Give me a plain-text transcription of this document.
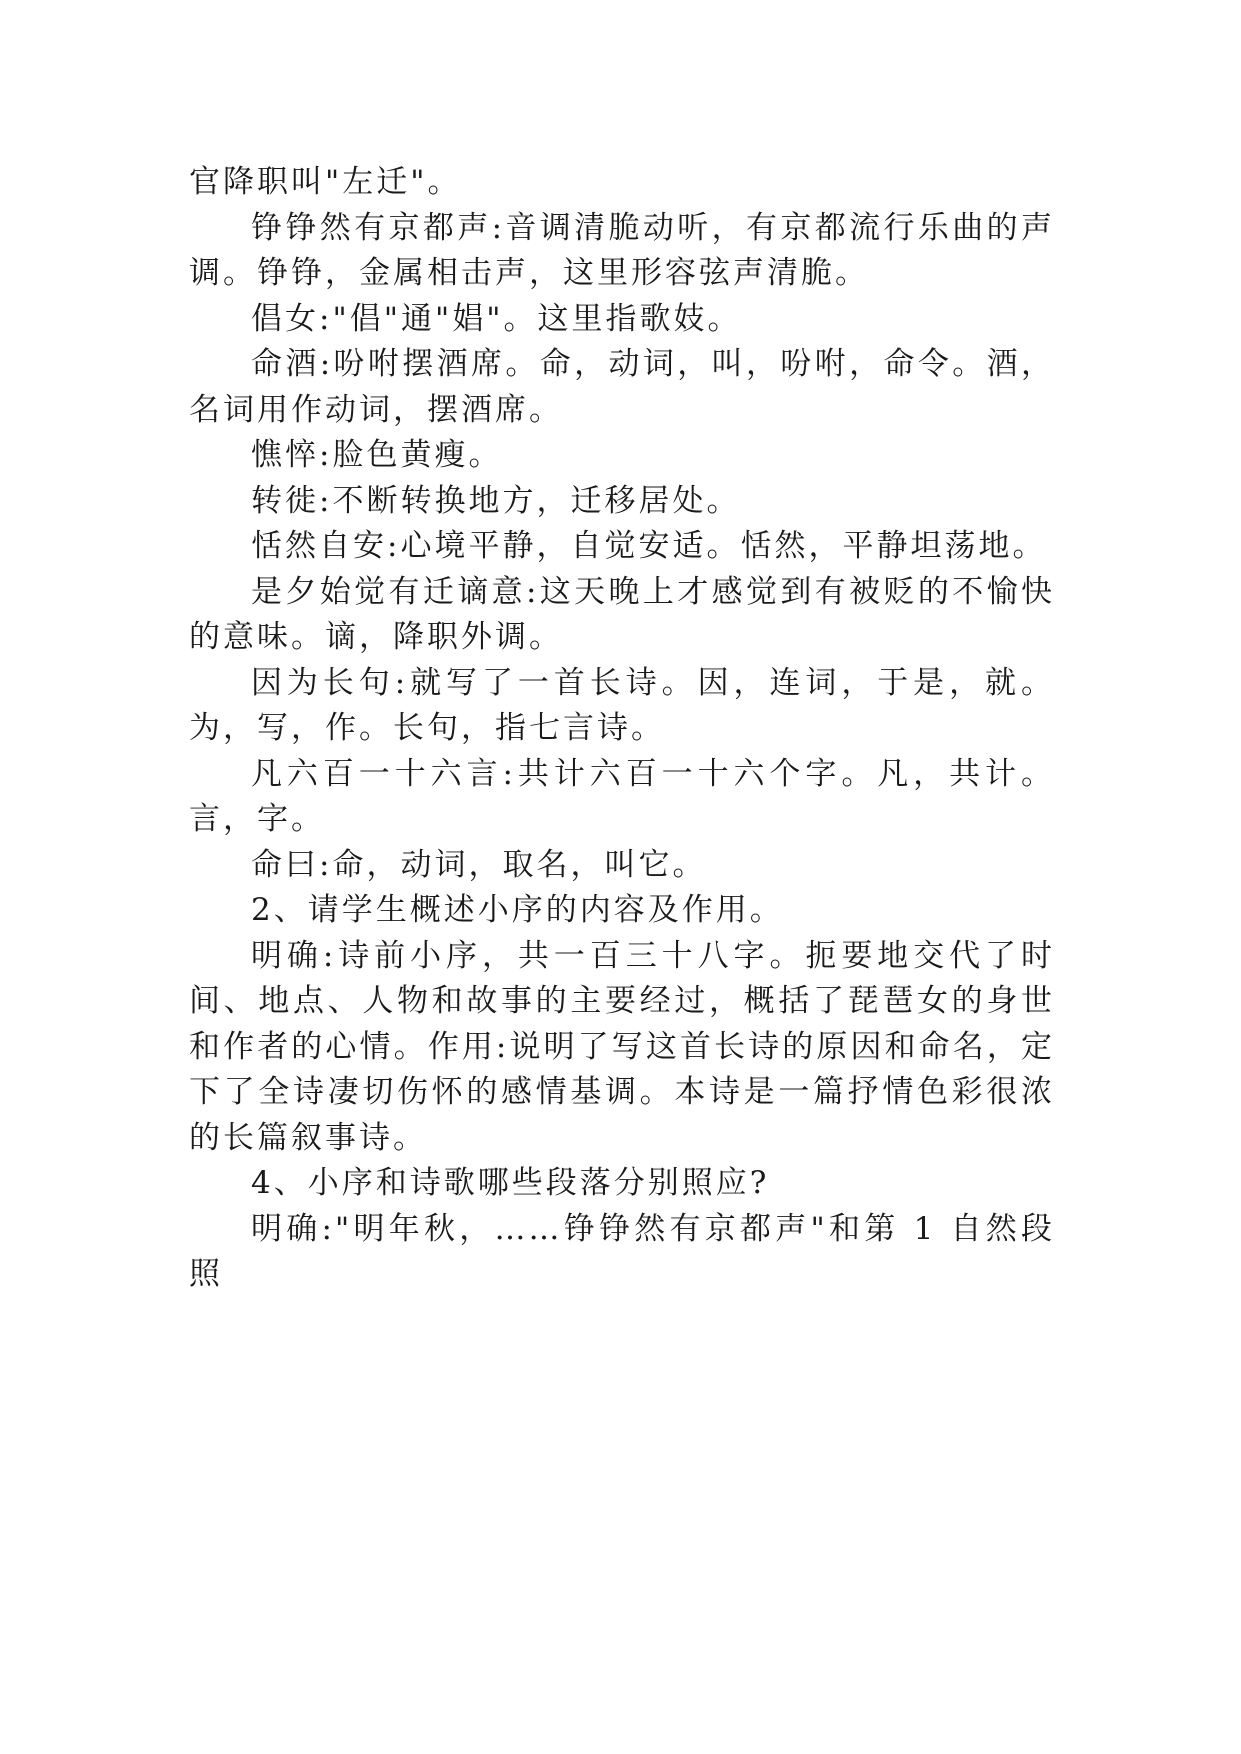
官降职叫"左迁"。

铮铮然有京都声:音调清脆动听，有京都流行乐曲的声调。铮铮，金属相击声，这里形容弦声清脆。

倡女:"倡"通"娼"。这里指歌妓。

命酒:吩咐摆酒席。命，动词，叫，吩咐，命令。酒，名词用作动词，摆酒席。

憔悴:脸色黄瘦。

转徙:不断转换地方，迁移居处。

恬然自安:心境平静，自觉安适。恬然，平静坦荡地。

是夕始觉有迁谪意:这天晚上才感觉到有被贬的不愉快的意味。谪，降职外调。

因为长句:就写了一首长诗。因，连词，于是，就。为，写，作。长句，指七言诗。

凡六百一十六言:共计六百一十六个字。凡，共计。言，字。

命曰:命，动词，取名，叫它。

2、请学生概述小序的内容及作用。

明确:诗前小序，共一百三十八字。扼要地交代了时间、地点、人物和故事的主要经过，概括了琵琶女的身世和作者的心情。作用:说明了写这首长诗的原因和命名，定下了全诗凄切伤怀的感情基调。本诗是一篇抒情色彩很浓的长篇叙事诗。

4、小序和诗歌哪些段落分别照应?

明确:"明年秋，……铮铮然有京都声"和第 1 自然段照
